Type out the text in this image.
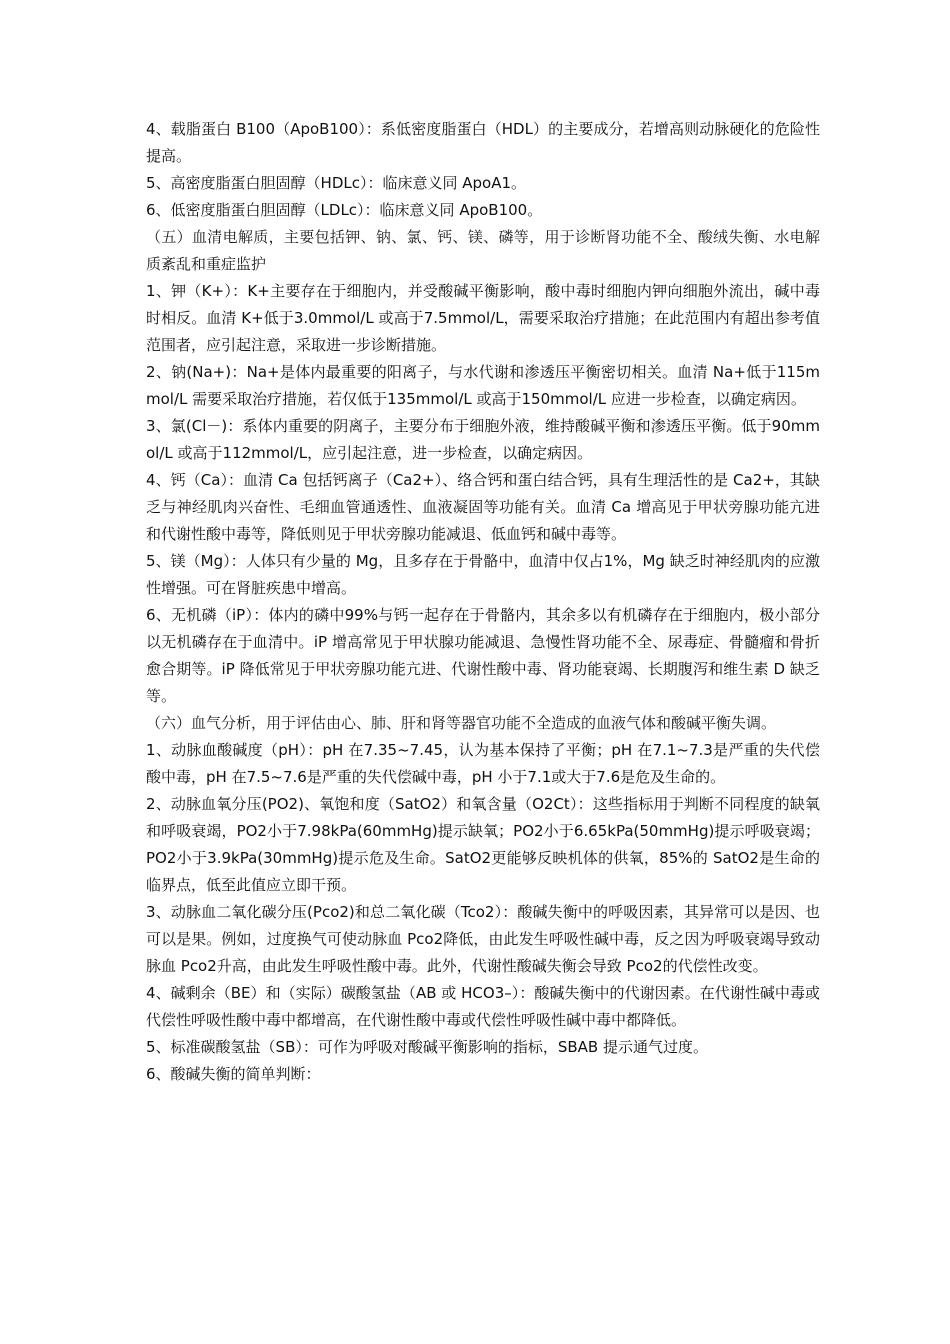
4、载脂蛋白 B100（ApoB100）：系低密度脂蛋白（HDL）的主要成分，若增高则动脉硬化的危险性提高。

5、高密度脂蛋白胆固醇（HDLc）：临床意义同 ApoA1。

6、低密度脂蛋白胆固醇（LDLc）：临床意义同 ApoB100。

（五）血清电解质，主要包括钾、钠、氯、钙、镁、磷等，用于诊断肾功能不全、酸绒失衡、水电解质紊乱和重症监护

1、钾（K+）：K+主要存在于细胞内，并受酸碱平衡影响，酸中毒时细胞内钾向细胞外流出，碱中毒时相反。血清 K+低于3.0mmol/L 或高于7.5mmol/L，需要采取治疗措施；在此范围内有超出参考值范围者，应引起注意，采取进一步诊断措施。

2、钠(Na+)：Na+是体内最重要的阳离子，与水代谢和渗透压平衡密切相关。血清 Na+低于115mmol/L 需要采取治疗措施，若仅低于135mmol/L 或高于150mmol/L 应进一步检查，以确定病因。

3、氯(Cl－)：系体内重要的阴离子，主要分布于细胞外液，维持酸碱平衡和渗透压平衡。低于90mmol/L 或高于112mmol/L，应引起注意，进一步检查，以确定病因。

4、钙（Ca）：血清 Ca 包括钙离子（Ca2+）、络合钙和蛋白结合钙，具有生理活性的是 Ca2+，其缺乏与神经肌肉兴奋性、毛细血管通透性、血液凝固等功能有关。血清 Ca 增高见于甲状旁腺功能亢进和代谢性酸中毒等，降低则见于甲状旁腺功能减退、低血钙和碱中毒等。

5、镁（Mg）：人体只有少量的 Mg，且多存在于骨骼中，血清中仅占1%，Mg 缺乏时神经肌肉的应激性增强。可在肾脏疾患中增高。

6、无机磷（iP）：体内的磷中99%与钙一起存在于骨骼内，其余多以有机磷存在于细胞内，极小部分以无机磷存在于血清中。iP 增高常见于甲状腺功能减退、急慢性肾功能不全、尿毒症、骨髓瘤和骨折愈合期等。iP 降低常见于甲状旁腺功能亢进、代谢性酸中毒、肾功能衰竭、长期腹泻和维生素 D 缺乏等。

（六）血气分析，用于评估由心、肺、肝和肾等器官功能不全造成的血液气体和酸碱平衡失调。

1、动脉血酸碱度（pH）：pH 在7.35~7.45，认为基本保持了平衡；pH 在7.1~7.3是严重的失代偿酸中毒，pH 在7.5~7.6是严重的失代偿碱中毒，pH 小于7.1或大于7.6是危及生命的。

2、动脉血氧分压(PO2)、氧饱和度（SatO2）和氧含量（O2Ct）：这些指标用于判断不同程度的缺氧和呼吸衰竭，PO2小于7.98kPa(60mmHg)提示缺氧；PO2小于6.65kPa(50mmHg)提示呼吸衰竭；PO2小于3.9kPa(30mmHg)提示危及生命。SatO2更能够反映机体的供氧，85%的 SatO2是生命的临界点，低至此值应立即干预。

3、动脉血二氧化碳分压(Pco2)和总二氧化碳（Tco2）：酸碱失衡中的呼吸因素，其异常可以是因、也可以是果。例如，过度换气可使动脉血 Pco2降低，由此发生呼吸性碱中毒，反之因为呼吸衰竭导致动脉血 Pco2升高，由此发生呼吸性酸中毒。此外，代谢性酸碱失衡会导致 Pco2的代偿性改变。

4、碱剩余（BE）和（实际）碳酸氢盐（AB 或 HCO3–）：酸碱失衡中的代谢因素。在代谢性碱中毒或代偿性呼吸性酸中毒中都增高，在代谢性酸中毒或代偿性呼吸性碱中毒中都降低。

5、标准碳酸氢盐（SB）：可作为呼吸对酸碱平衡影响的指标，SBAB 提示通气过度。

6、酸碱失衡的简单判断：
